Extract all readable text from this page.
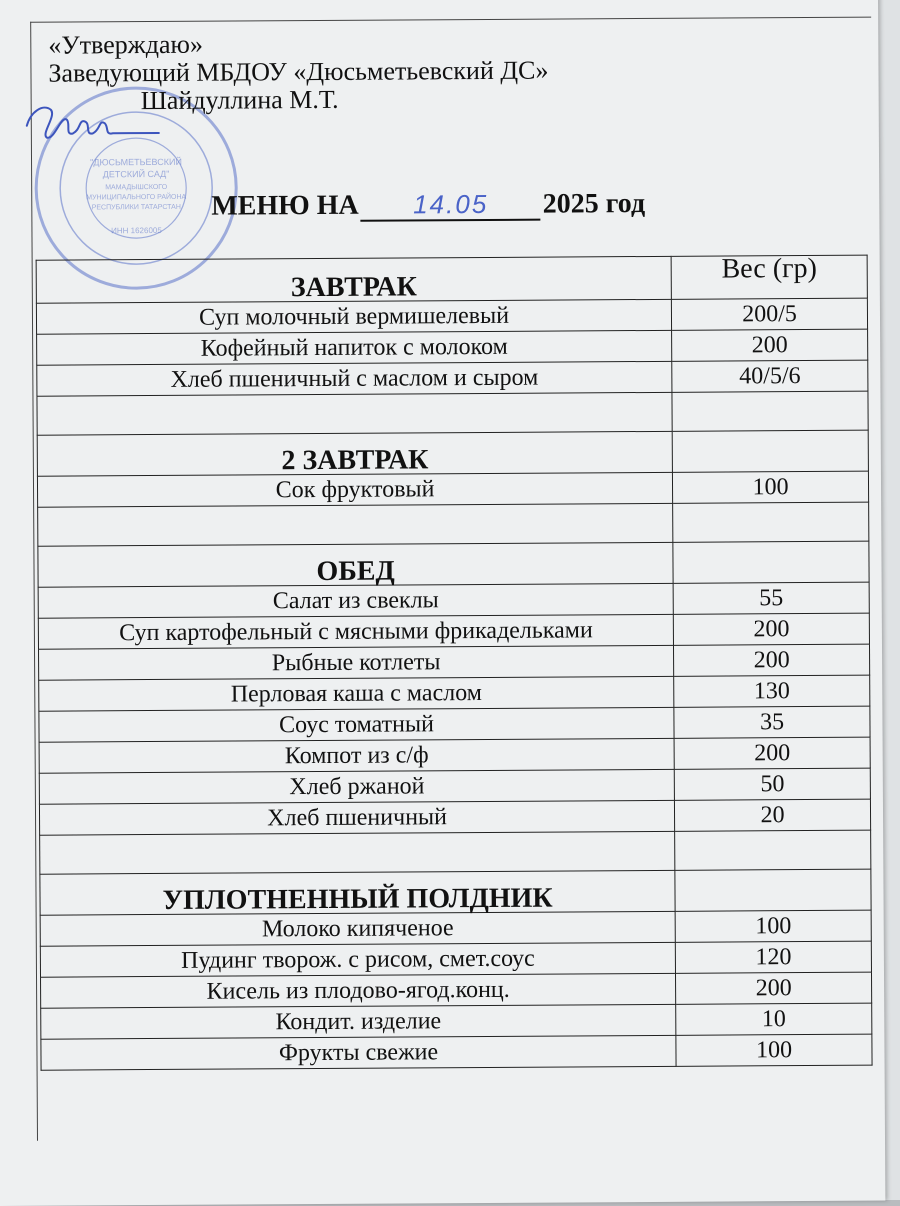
"ДЮСЬМЕТЬЕВСКИЙ
ДЕТСКИЙ САД"
МАМАДЫШСКОГО
МУНИЦИПАЛЬНОГО РАЙОНА
РЕСПУБЛИКИ ТАТАРСТАН
ИНН 1626005
«Утверждаю»
Заведующий МБДОУ «Дюсьметьевский ДС»
Шайдуллина М.Т.
МЕНЮ НА	14.05	2025 год
ЗАВТРАК	Вес (гр)
Суп молочный вермишелевый	200/5
Кофейный напиток с молоком	200
Хлеб пшеничный с маслом и сыром	40/5/6

2 ЗАВТРАК	
Сок фруктовый	100

ОБЕД	
Салат из свеклы	55
Суп картофельный с мясными фрикадельками	200
Рыбные котлеты	200
Перловая каша с маслом	130
Соус томатный	35
Компот из с/ф	200
Хлеб ржаной	50
Хлеб пшеничный	20

УПЛОТНЕННЫЙ ПОЛДНИК	
Молоко кипяченое	100
Пудинг творож. с рисом, смет.соус	120
Кисель из плодово-ягод.конц.	200
Кондит. изделие	10
Фрукты свежие	100
